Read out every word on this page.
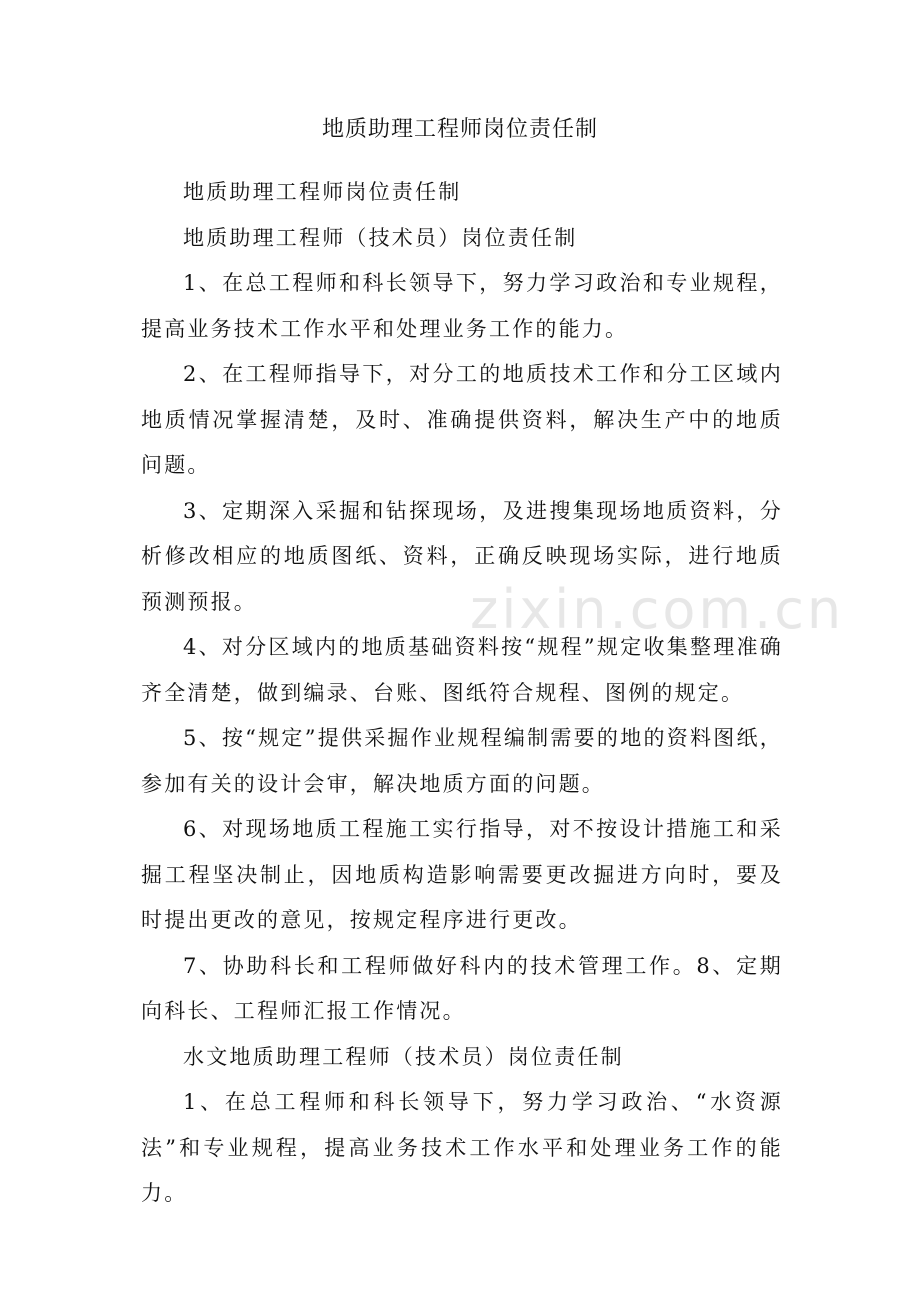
地质助理工程师岗位责任制

地质助理工程师岗位责任制

地质助理工程师（技术员）岗位责任制

1、在总工程师和科长领导下，努力学习政治和专业规程，提高业务技术工作水平和处理业务工作的能力。

2、在工程师指导下，对分工的地质技术工作和分工区域内地质情况掌握清楚，及时、准确提供资料，解决生产中的地质问题。

3、定期深入采掘和钻探现场，及进搜集现场地质资料，分析修改相应的地质图纸、资料，正确反映现场实际，进行地质预测预报。

4、对分区域内的地质基础资料按“规程”规定收集整理准确齐全清楚，做到编录、台账、图纸符合规程、图例的规定。

5、按“规定”提供采掘作业规程编制需要的地的资料图纸，参加有关的设计会审，解决地质方面的问题。

6、对现场地质工程施工实行指导，对不按设计措施工和采掘工程坚决制止，因地质构造影响需要更改掘进方向时，要及时提出更改的意见，按规定程序进行更改。

7、协助科长和工程师做好科内的技术管理工作。8、定期向科长、工程师汇报工作情况。

水文地质助理工程师（技术员）岗位责任制

1、在总工程师和科长领导下，努力学习政治、“水资源法”和专业规程，提高业务技术工作水平和处理业务工作的能力。

zixin.com.cn
